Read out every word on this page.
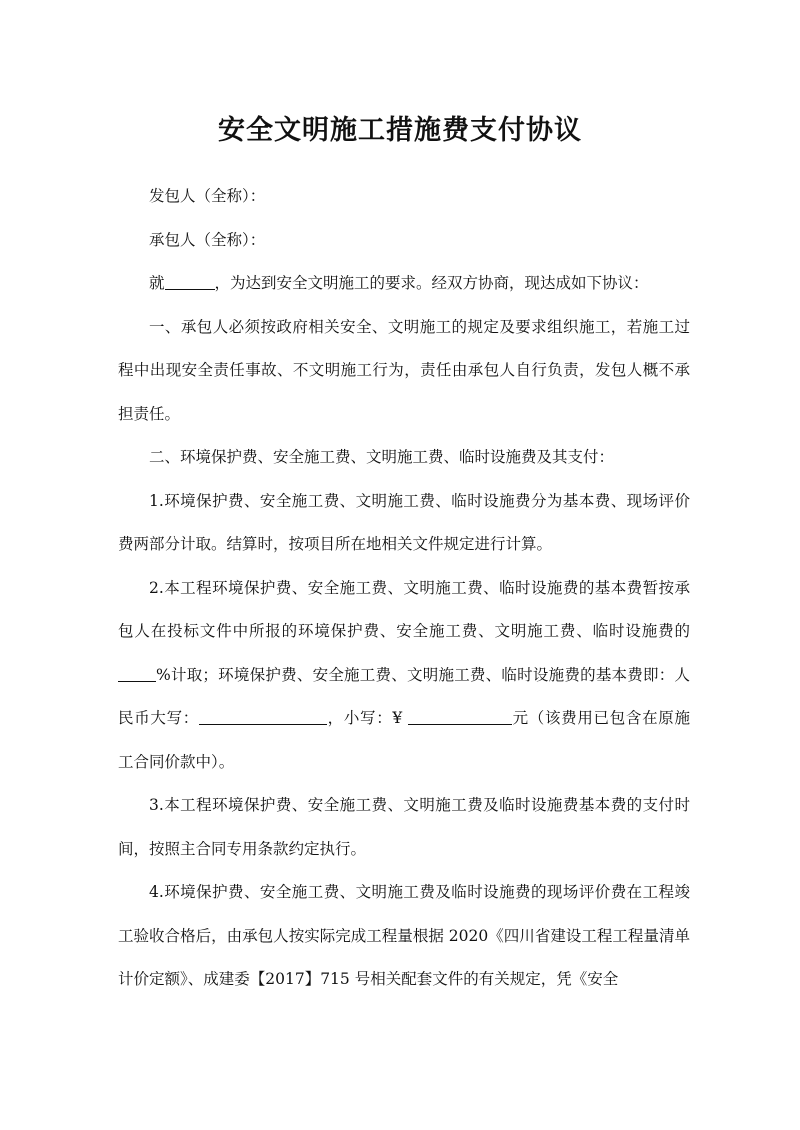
安全文明施工措施费支付协议

发包人（全称）：

承包人（全称）：

就	，为达到安全文明施工的要求。经双方协商，现达成如下协议：

一、承包人必须按政府相关安全、文明施工的规定及要求组织施工，若施工过程中出现安全责任事故、不文明施工行为，责任由承包人自行负责，发包人概不承担责任。

二、环境保护费、安全施工费、文明施工费、临时设施费及其支付：

1.环境保护费、安全施工费、文明施工费、临时设施费分为基本费、现场评价费两部分计取。结算时，按项目所在地相关文件规定进行计算。

2.本工程环境保护费、安全施工费、文明施工费、临时设施费的基本费暂按承包人在投标文件中所报的环境保护费、安全施工费、文明施工费、临时设施费的%计取；环境保护费、安全施工费、文明施工费、临时设施费的基本费即：人民币大写：	，小写：¥	元（该费用已包含在原施工合同价款中）。

3.本工程环境保护费、安全施工费、文明施工费及临时设施费基本费的支付时间，按照主合同专用条款约定执行。

4.环境保护费、安全施工费、文明施工费及临时设施费的现场评价费在工程竣工验收合格后，由承包人按实际完成工程量根据 2020《四川省建设工程工程量清单计价定额》、成建委【2017】715 号相关配套文件的有关规定，凭《安全
